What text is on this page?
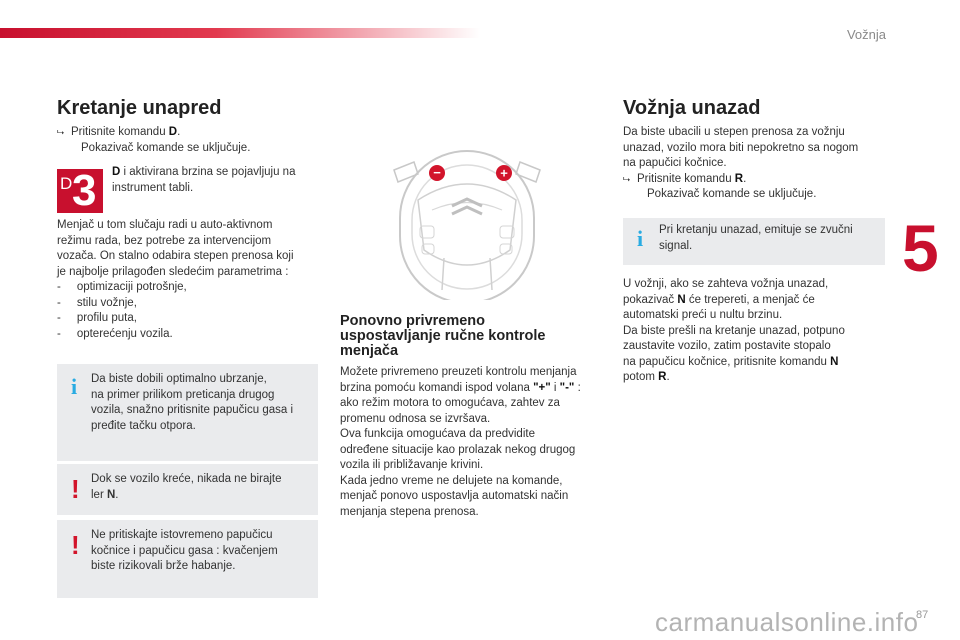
Vožnja
5
Kretanje unapred
⮡ Pritisnite komandu D.
Pokazivač komande se uključuje.
D 3 D i aktivirana brzina se pojavljuju na
instrument tabli.
Menjač u tom slučaju radi u auto-aktivnom
režimu rada, bez potrebe za intervencijom
vozača. On stalno odabira stepen prenosa koji
je najbolje prilagođen sledećim parametrima :
-     optimizaciji potrošnje,
-     stilu vožnje,
-     profilu puta,
-     opterećenju vozila.
i Da biste dobili optimalno ubrzanje,
na primer prilikom preticanja drugog
vozila, snažno pritisnite papučicu gasa i
pređite tačku otpora.
! Dok se vozilo kreće, nikada ne birajte
ler N.
! Ne pritiskajte istovremeno papučicu
kočnice i papučicu gasa : kvačenjem
biste rizikovali brže habanje.
−	+
Ponovno privremeno
uspostavljanje ručne kontrole
menjača
Možete privremeno preuzeti kontrolu menjanja
brzina pomoću komandi ispod volana "+" i "-" :
ako režim motora to omogućava, zahtev za
promenu odnosa se izvršava.
Ova funkcija omogućava da predvidite
određene situacije kao prolazak nekog drugog
vozila ili približavanje krivini.
Kada jedno vreme ne delujete na komande,
menjač ponovo uspostavlja automatski način
menjanja stepena prenosa.
Vožnja unazad
Da biste ubacili u stepen prenosa za vožnju
unazad, vozilo mora biti nepokretno sa nogom
na papučici kočnice.
⮡ Pritisnite komandu R.
Pokazivač komande se uključuje.
i Pri kretanju unazad, emituje se zvučni
signal.
U vožnji, ako se zahteva vožnja unazad,
pokazivač N će trepereti, a menjač će
automatski preći u nultu brzinu.
Da biste prešli na kretanje unazad, potpuno
zaustavite vozilo, zatim postavite stopalo
na papučicu kočnice, pritisnite komandu N
potom R.
carmanualsonline.info
87
